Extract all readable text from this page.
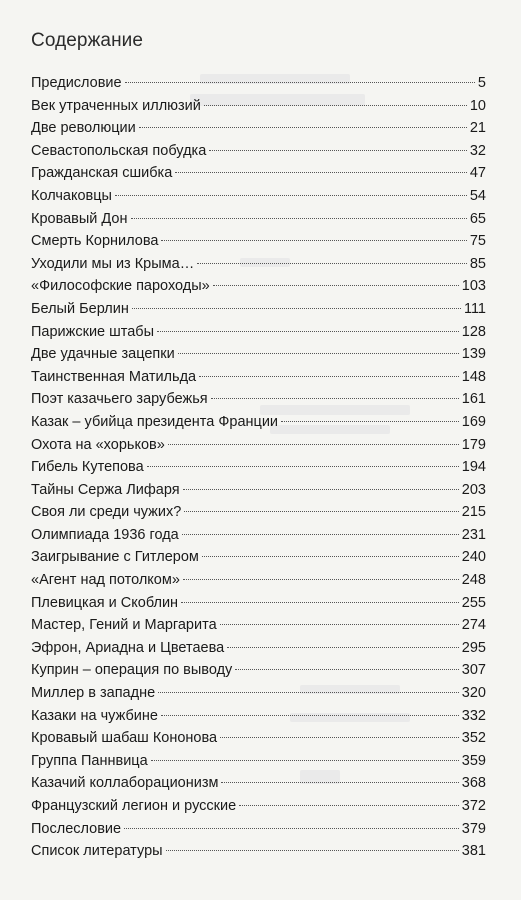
Содержание
Предисловие	5
Век утраченных иллюзий	10
Две революции	21
Севастопольская побудка	32
Гражданская сшибка	47
Колчаковцы	54
Кровавый Дон	65
Смерть Корнилова	75
Уходили мы из Крыма…	85
«Философские пароходы»	103
Белый Берлин	111
Парижские штабы	128
Две удачные зацепки	139
Таинственная Матильда	148
Поэт казачьего зарубежья	161
Казак – убийца президента Франции	169
Охота на «хорьков»	179
Гибель Кутепова	194
Тайны Сержа Лифаря	203
Своя ли среди чужих?	215
Олимпиада 1936 года	231
Заигрывание с Гитлером	240
«Агент над потолком»	248
Плевицкая и Скоблин	255
Мастер, Гений и Маргарита	274
Эфрон, Ариадна и Цветаева	295
Куприн – операция по выводу	307
Миллер в западне	320
Казаки на чужбине	332
Кровавый шабаш Кононова	352
Группа Паннвица	359
Казачий коллаборационизм	368
Французский легион и русские	372
Послесловие	379
Список литературы	381
